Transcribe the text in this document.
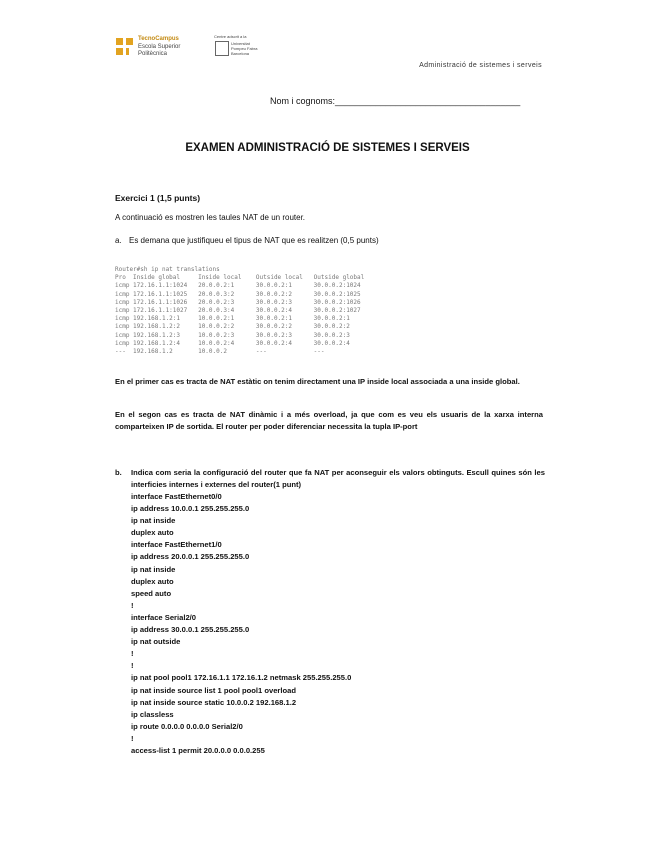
TecnoCampus
Escola Superior
Politècnica
Centre adscrit a la
Universitat
Pompeu Fabra
Barcelona
Administració de sistemes i serveis
Nom i cognoms:_____________________________________
EXAMEN ADMINISTRACIÓ DE SISTEMES I SERVEIS
Exercici 1 (1,5 punts)
A continuació es mostren les taules NAT de un router.
a. Es demana que justifiqueu el tipus de NAT que es realitzen (0,5 punts)
Router#sh ip nat translations
Pro  Inside global     Inside local    Outside local   Outside global
icmp 172.16.1.1:1024   20.0.0.2:1      30.0.0.2:1      30.0.0.2:1024
icmp 172.16.1.1:1025   20.0.0.3:2      30.0.0.2:2      30.0.0.2:1025
icmp 172.16.1.1:1026   20.0.0.2:3      30.0.0.2:3      30.0.0.2:1026
icmp 172.16.1.1:1027   20.0.0.3:4      30.0.0.2:4      30.0.0.2:1027
icmp 192.168.1.2:1     10.0.0.2:1      30.0.0.2:1      30.0.0.2:1
icmp 192.168.1.2:2     10.0.0.2:2      30.0.0.2:2      30.0.0.2:2
icmp 192.168.1.2:3     10.0.0.2:3      30.0.0.2:3      30.0.0.2:3
icmp 192.168.1.2:4     10.0.0.2:4      30.0.0.2:4      30.0.0.2:4
---  192.168.1.2       10.0.0.2        ---             ---
En el primer cas es tracta de NAT estàtic on tenim directament una IP inside local associada a una inside global.
En el segon cas es tracta de NAT dinàmic i a més overload, ja que com es veu els usuaris de la xarxa interna comparteixen IP de sortida. El router per poder diferenciar necessita la tupla IP-port
b. Indica com seria la configuració del router que fa NAT per aconseguir els valors obtinguts. Escull quines són les interficies internes i externes del router(1 punt)
interface FastEthernet0/0
ip address 10.0.0.1 255.255.255.0
ip nat inside
duplex auto
interface FastEthernet1/0
ip address 20.0.0.1 255.255.255.0
ip nat inside
duplex auto
speed auto
!
interface Serial2/0
ip address 30.0.0.1 255.255.255.0
ip nat outside
!
!
ip nat pool pool1 172.16.1.1 172.16.1.2 netmask 255.255.255.0
ip nat inside source list 1 pool pool1 overload
ip nat inside source static 10.0.0.2 192.168.1.2
ip classless
ip route 0.0.0.0 0.0.0.0 Serial2/0
!
access-list 1 permit 20.0.0.0 0.0.0.255
